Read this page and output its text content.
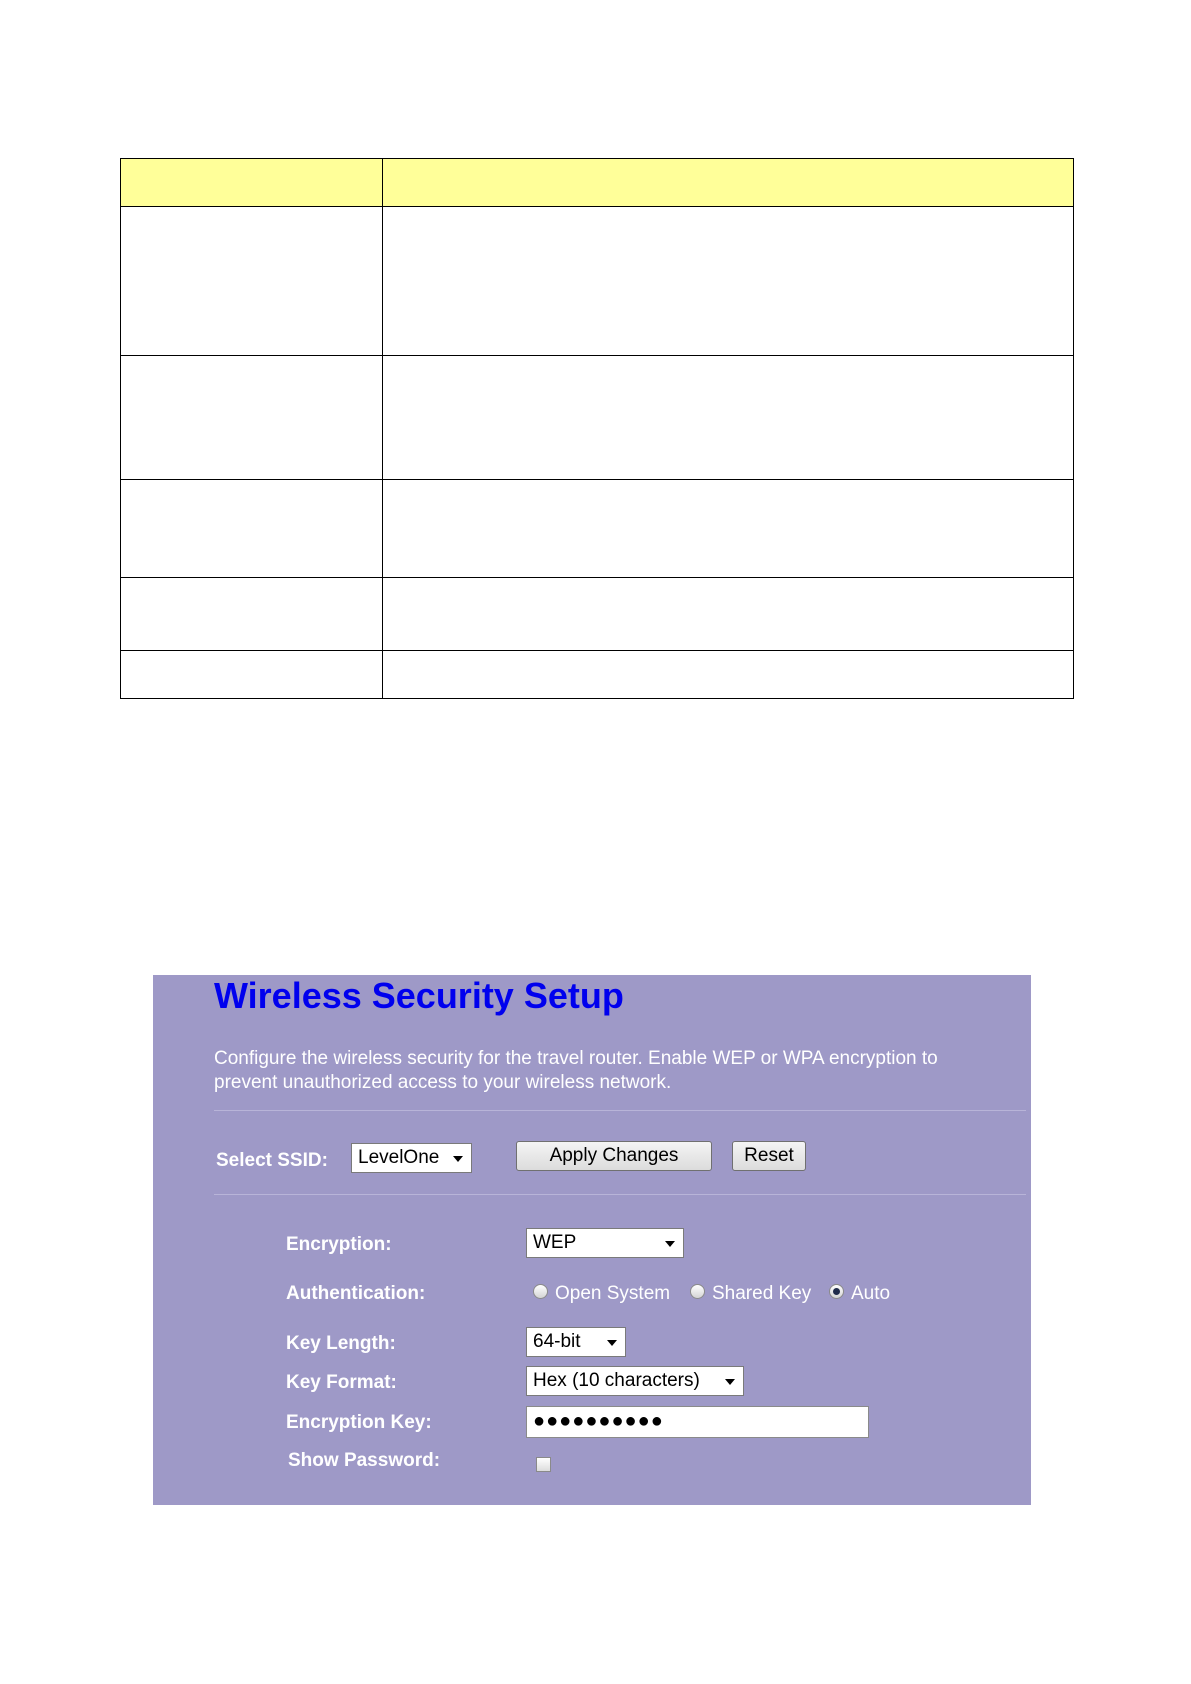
Wireless Security Setup
Configure the wireless security for the travel router. Enable WEP or WPA encryption to prevent unauthorized access to your wireless network.
Select SSID:	LevelOne	Apply Changes	Reset
Encryption:	WEP
Authentication:	Open System	Shared Key	Auto
Key Length:	64-bit
Key Format:	Hex (10 characters)
Encryption Key:	●●●●●●●●●●
Show Password:
